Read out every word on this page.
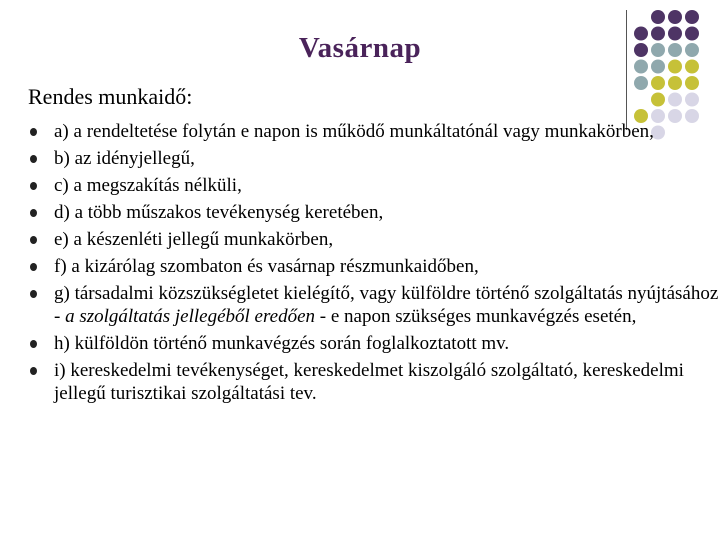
Vasárnap
Rendes munkaidő:
a) a rendeltetése folytán e napon is működő munkáltatónál vagy munkakörben,
b) az idényjellegű,
c) a megszakítás nélküli,
d) a több műszakos tevékenység keretében,
e) a készenléti jellegű munkakörben,
f) a kizárólag szombaton és vasárnap részmunkaidőben,
g) társadalmi közszükségletet kielégítő, vagy külföldre történő szolgáltatás nyújtásához
- a szolgáltatás jellegéből eredően - e napon szükséges munkavégzés esetén,
h) külföldön történő munkavégzés során foglalkoztatott mv.
i) kereskedelmi tevékenységet, kereskedelmet kiszolgáló szolgáltató, kereskedelmi jellegű turisztikai szolgáltatási tev.
